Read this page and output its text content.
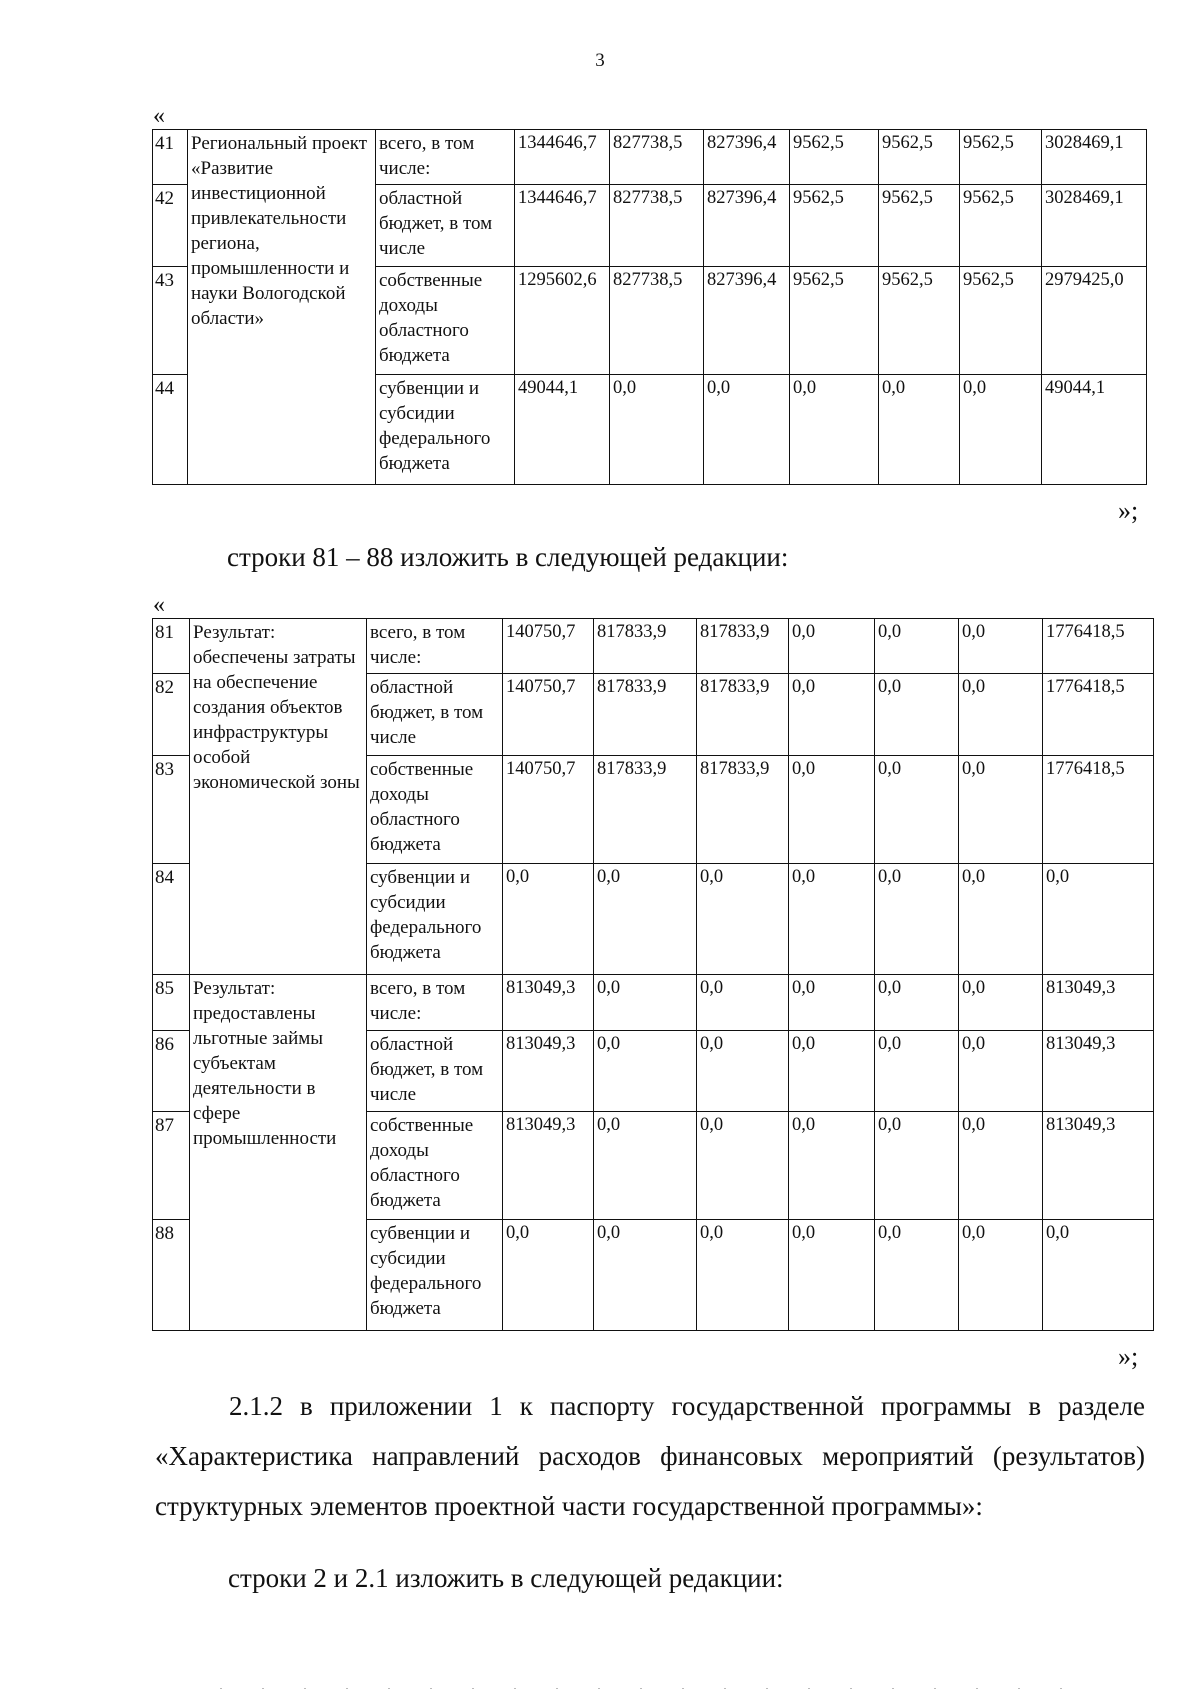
3
«
41	Региональный проект «Развитие инвестиционной привлекательности региона, промышленности и науки Вологодской области»	всего, в том числе:	1344646,7	827738,5	827396,4	9562,5	9562,5	9562,5	3028469,1
42		областной бюджет, в том числе	1344646,7	827738,5	827396,4	9562,5	9562,5	9562,5	3028469,1
43		собственные доходы областного бюджета	1295602,6	827738,5	827396,4	9562,5	9562,5	9562,5	2979425,0
44		субвенции и субсидии федерального бюджета	49044,1	0,0	0,0	0,0	0,0	0,0	49044,1
»;
строки 81 – 88 изложить в следующей редакции:
«
81	Результат: обеспечены затраты на обеспечение создания объектов инфраструктуры особой экономической зоны	всего, в том числе:	140750,7	817833,9	817833,9	0,0	0,0	0,0	1776418,5
82		областной бюджет, в том числе	140750,7	817833,9	817833,9	0,0	0,0	0,0	1776418,5
83		собственные доходы областного бюджета	140750,7	817833,9	817833,9	0,0	0,0	0,0	1776418,5
84		субвенции и субсидии федерального бюджета	0,0	0,0	0,0	0,0	0,0	0,0	0,0
85	Результат: предоставлены льготные займы субъектам деятельности в сфере промышленности	всего, в том числе:	813049,3	0,0	0,0	0,0	0,0	0,0	813049,3
86		областной бюджет, в том числе	813049,3	0,0	0,0	0,0	0,0	0,0	813049,3
87		собственные доходы областного бюджета	813049,3	0,0	0,0	0,0	0,0	0,0	813049,3
88		субвенции и субсидии федерального бюджета	0,0	0,0	0,0	0,0	0,0	0,0	0,0
»;
2.1.2 в приложении 1 к паспорту государственной программы в разделе «Характеристика направлений расходов финансовых мероприятий (результатов) структурных элементов проектной части государственной программы»:
строки 2 и 2.1 изложить в следующей редакции:
